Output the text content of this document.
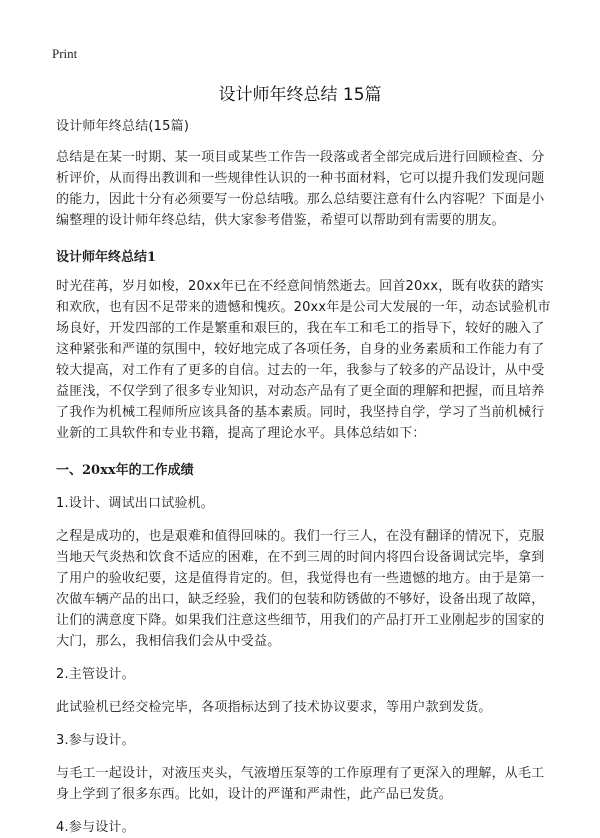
Print
设计师年终总结 15篇

设计师年终总结(15篇)

总结是在某一时期、某一项目或某些工作告一段落或者全部完成后进行回顾检查、分析评价，从而得出教训和一些规律性认识的一种书面材料，它可以提升我们发现问题的能力，因此十分有必须要写一份总结哦。那么总结要注意有什么内容呢？下面是小编整理的设计师年终总结，供大家参考借鉴，希望可以帮助到有需要的朋友。

设计师年终总结1

时光荏苒，岁月如梭，20xx年已在不经意间悄然逝去。回首20xx，既有收获的踏实和欢欣，也有因不足带来的遗憾和愧疚。20xx年是公司大发展的一年，动态试验机市场良好，开发四部的工作是繁重和艰巨的，我在车工和毛工的指导下，较好的融入了这种紧张和严谨的氛围中，较好地完成了各项任务，自身的业务素质和工作能力有了较大提高，对工作有了更多的自信。过去的一年，我参与了较多的产品设计，从中受益匪浅，不仅学到了很多专业知识，对动态产品有了更全面的理解和把握，而且培养了我作为机械工程师所应该具备的基本素质。同时，我坚持自学，学习了当前机械行业新的工具软件和专业书籍，提高了理论水平。具体总结如下：

一、20xx年的工作成绩

1.设计、调试出口试验机。

之程是成功的，也是艰难和值得回味的。我们一行三人，在没有翻译的情况下，克服当地天气炎热和饮食不适应的困难，在不到三周的时间内将四台设备调试完毕，拿到了用户的验收纪要，这是值得肯定的。但，我觉得也有一些遗憾的地方。由于是第一次做车辆产品的出口，缺乏经验，我们的包装和防锈做的不够好，设备出现了故障，让们的满意度下降。如果我们注意这些细节，用我们的产品打开工业刚起步的国家的大门，那么，我相信我们会从中受益。

2.主管设计。

此试验机已经交检完毕，各项指标达到了技术协议要求，等用户款到发货。

3.参与设计。

与毛工一起设计，对液压夹头，气液增压泵等的工作原理有了更深入的理解，从毛工身上学到了很多东西。比如，设计的严谨和严肃性，此产品已发货。

4.参与设计。
